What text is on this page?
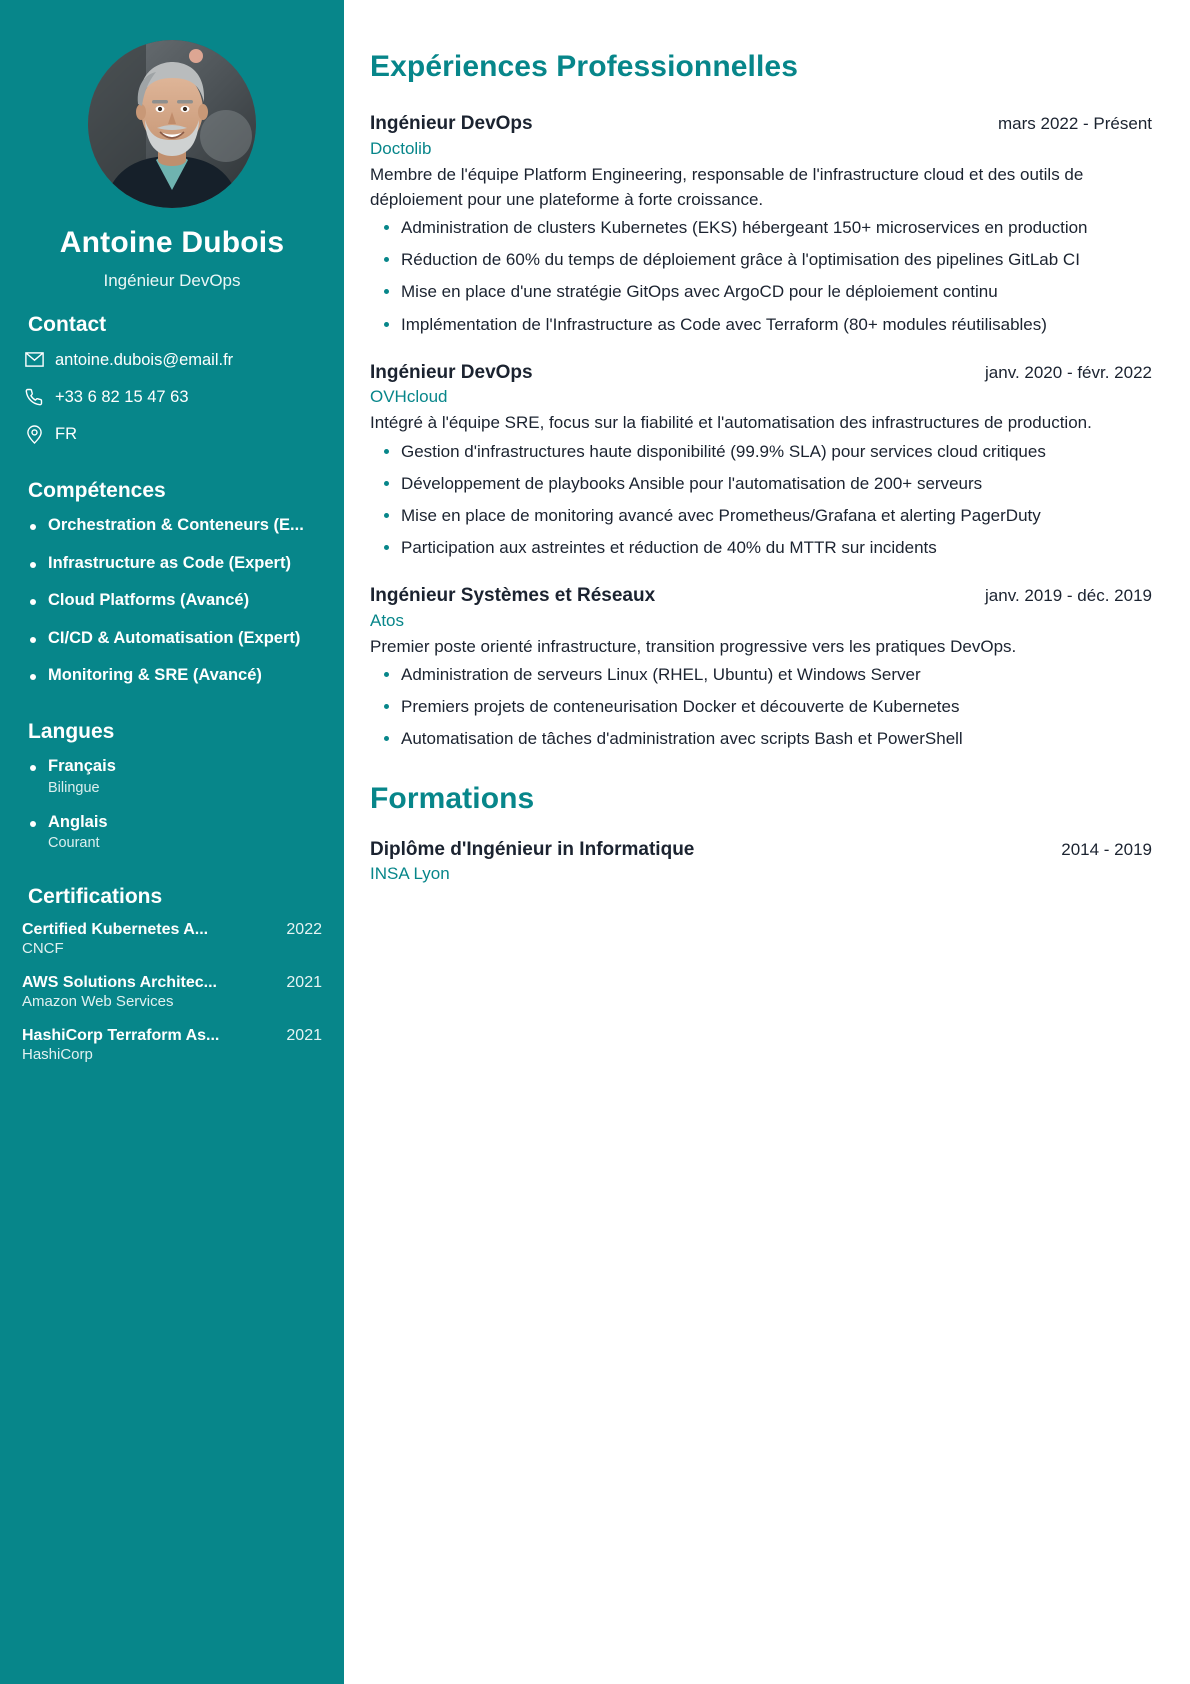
Antoine Dubois
Ingénieur DevOps
Contact
antoine.dubois@email.fr
+33 6 82 15 47 63
FR
Compétences
Orchestration & Conteneurs (E...
Infrastructure as Code (Expert)
Cloud Platforms (Avancé)
CI/CD & Automatisation (Expert)
Monitoring & SRE (Avancé)
Langues
Français
Bilingue
Anglais
Courant
Certifications
Certified Kubernetes A...	2022
CNCF
AWS Solutions Architec...	2021
Amazon Web Services
HashiCorp Terraform As...	2021
HashiCorp
Expériences Professionnelles
Ingénieur DevOps	mars 2022 - Présent
Doctolib
Membre de l'équipe Platform Engineering, responsable de l'infrastructure cloud et des outils de déploiement pour une plateforme à forte croissance.
Administration de clusters Kubernetes (EKS) hébergeant 150+ microservices en production
Réduction de 60% du temps de déploiement grâce à l'optimisation des pipelines GitLab CI
Mise en place d'une stratégie GitOps avec ArgoCD pour le déploiement continu
Implémentation de l'Infrastructure as Code avec Terraform (80+ modules réutilisables)
Ingénieur DevOps	janv. 2020 - févr. 2022
OVHcloud
Intégré à l'équipe SRE, focus sur la fiabilité et l'automatisation des infrastructures de production.
Gestion d'infrastructures haute disponibilité (99.9% SLA) pour services cloud critiques
Développement de playbooks Ansible pour l'automatisation de 200+ serveurs
Mise en place de monitoring avancé avec Prometheus/Grafana et alerting PagerDuty
Participation aux astreintes et réduction de 40% du MTTR sur incidents
Ingénieur Systèmes et Réseaux	janv. 2019 - déc. 2019
Atos
Premier poste orienté infrastructure, transition progressive vers les pratiques DevOps.
Administration de serveurs Linux (RHEL, Ubuntu) et Windows Server
Premiers projets de conteneurisation Docker et découverte de Kubernetes
Automatisation de tâches d'administration avec scripts Bash et PowerShell
Formations
Diplôme d'Ingénieur in Informatique	2014 - 2019
INSA Lyon
